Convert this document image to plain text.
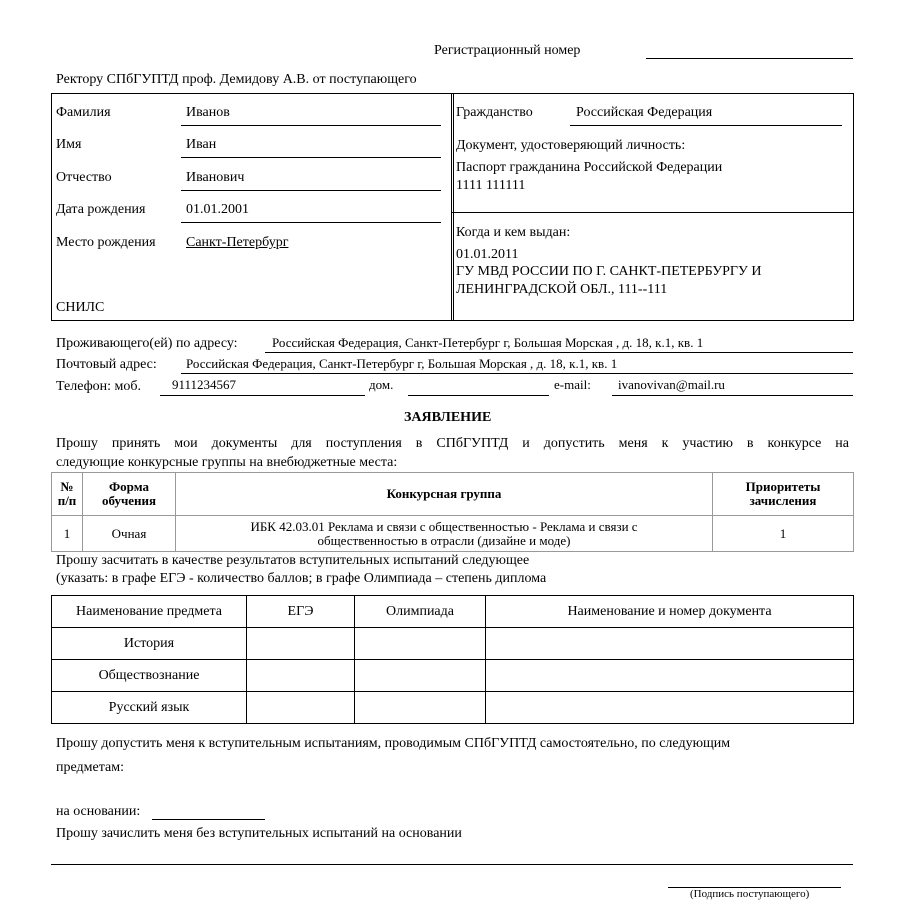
Регистрационный номер
Ректору СПбГУПТД проф. Демидову А.В. от поступающего
Фамилия	Иванов
Имя	Иван
Отчество	Иванович
Дата рождения	01.01.2001
Место рождения Санкт-Петербург
СНИЛС
Гражданство	Российская Федерация
Документ, удостоверяющий личность:
Паспорт гражданина Российской Федерации
1111 111111
Когда и кем выдан:
01.01.2011
ГУ МВД РОССИИ ПО Г. САНКТ-ПЕТЕРБУРГУ И
ЛЕНИНГРАДСКОЙ ОБЛ., 111--111
Проживающего(ей) по адресу:	Российская Федерация, Санкт-Петербург г, Большая Морская , д. 18, к.1, кв. 1
Почтовый адрес: Российская Федерация, Санкт-Петербург г, Большая Морская , д. 18, к.1, кв. 1
Телефон: моб. 9111234567	дом.	e-mail: ivanovivan@mail.ru
ЗАЯВЛЕНИЕ
Прошу принять мои документы для поступления в СПбГУПТД и допустить меня к участию в конкурсе на
следующие конкурсные группы на внебюджетные места:
№ п/п	Форма обучения	Конкурсная группа	Приоритеты зачисления
1	Очная	ИБК 42.03.01 Реклама и связи с общественностью - Реклама и связи с
общественностью в отрасли (дизайне и моде)	1
Прошу засчитать в качестве результатов вступительных испытаний следующее
(указать: в графе ЕГЭ - количество баллов; в графе Олимпиада – степень диплома
Наименование предмета	ЕГЭ	Олимпиада	Наименование и номер документа
История			
Обществознание			
Русский язык			
Прошу допустить меня к вступительным испытаниям, проводимым СПбГУПТД самостоятельно, по следующим
предметам:
на основании:
Прошу зачислить меня без вступительных испытаний на основании
(Подпись поступающего)
